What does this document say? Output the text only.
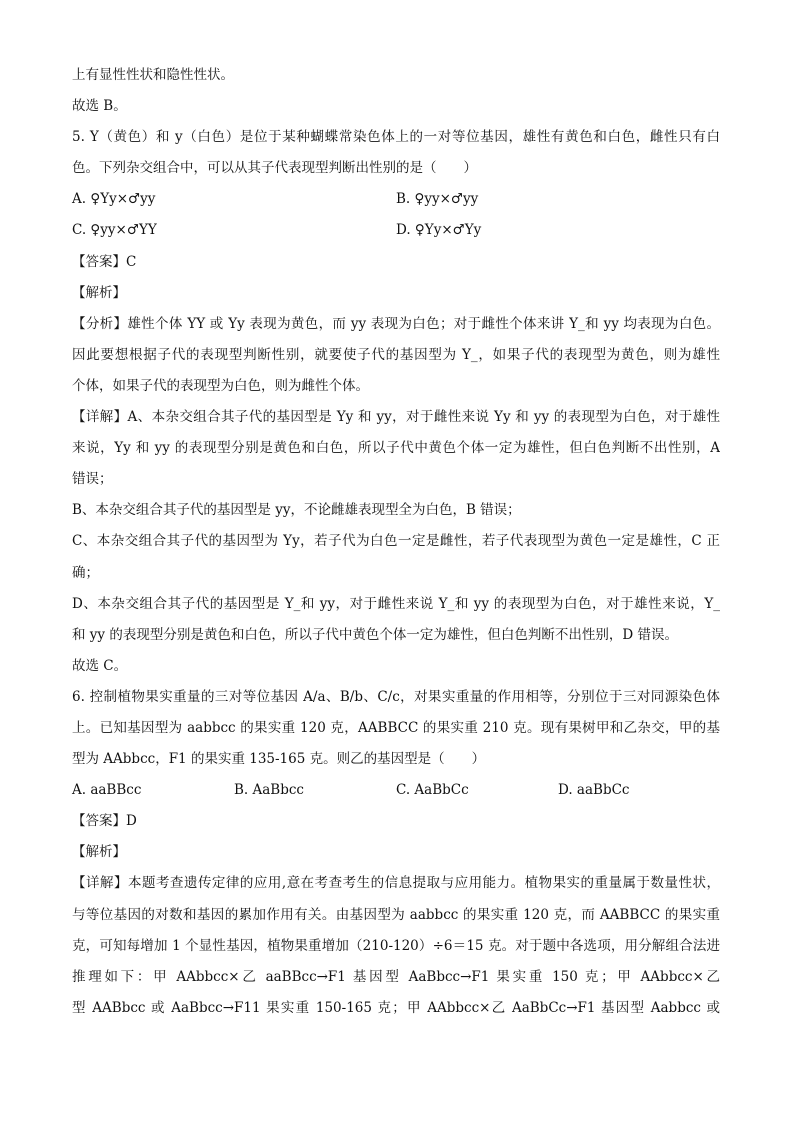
上有显性性状和隐性性状。
故选 B。
5. Y（黄色）和 y（白色）是位于某种蝴蝶常染色体上的一对等位基因，雄性有黄色和白色，雌性只有白
色。下列杂交组合中，可以从其子代表现型判断出性别的是（　　）
A. ♀Yy×♂yy	B. ♀yy×♂yy
C. ♀yy×♂YY	D. ♀Yy×♂Yy
【答案】C
【解析】
【分析】雄性个体 YY 或 Yy 表现为黄色，而 yy 表现为白色；对于雌性个体来讲 Y_和 yy 均表现为白色。
因此要想根据子代的表现型判断性别，就要使子代的基因型为 Y_，如果子代的表现型为黄色，则为雄性
个体，如果子代的表现型为白色，则为雌性个体。
【详解】A、本杂交组合其子代的基因型是 Yy 和 yy，对于雌性来说 Yy 和 yy 的表现型为白色，对于雄性
来说，Yy 和 yy 的表现型分别是黄色和白色，所以子代中黄色个体一定为雄性，但白色判断不出性别，A
错误；
B、本杂交组合其子代的基因型是 yy，不论雌雄表现型全为白色，B 错误；
C、本杂交组合其子代的基因型为 Yy，若子代为白色一定是雌性，若子代表现型为黄色一定是雄性，C 正
确；
D、本杂交组合其子代的基因型是 Y_和 yy，对于雌性来说 Y_和 yy 的表现型为白色，对于雄性来说，Y_
和 yy 的表现型分别是黄色和白色，所以子代中黄色个体一定为雄性，但白色判断不出性别，D 错误。
故选 C。
6. 控制植物果实重量的三对等位基因 A/a、B/b、C/c，对果实重量的作用相等，分别位于三对同源染色体
上。已知基因型为 aabbcc 的果实重 120 克，AABBCC 的果实重 210 克。现有果树甲和乙杂交，甲的基
型为 AAbbcc，F1 的果实重 135-165 克。则乙的基因型是（　　）
A. aaBBcc	B. AaBbcc	C. AaBbCc	D. aaBbCc
【答案】D
【解析】
【详解】本题考查遗传定律的应用,意在考查考生的信息提取与应用能力。植物果实的重量属于数量性状，
与等位基因的对数和基因的累加作用有关。由基因型为 aabbcc 的果实重 120 克，而 AABBCC 的果实重
克，可知每增加 1 个显性基因，植物果重增加（210-120）÷6＝15 克。对于题中各选项，用分解组合法进
推理如下：甲 AAbbcc×乙 aaBBcc→F1 基因型 AaBbcc→F1 果实重 150 克；甲 AAbbcc×乙
型 AABbcc 或 AaBbcc→F11 果实重 150-165 克；甲 AAbbcc×乙 AaBbCc→F1 基因型 Aabbcc 或
